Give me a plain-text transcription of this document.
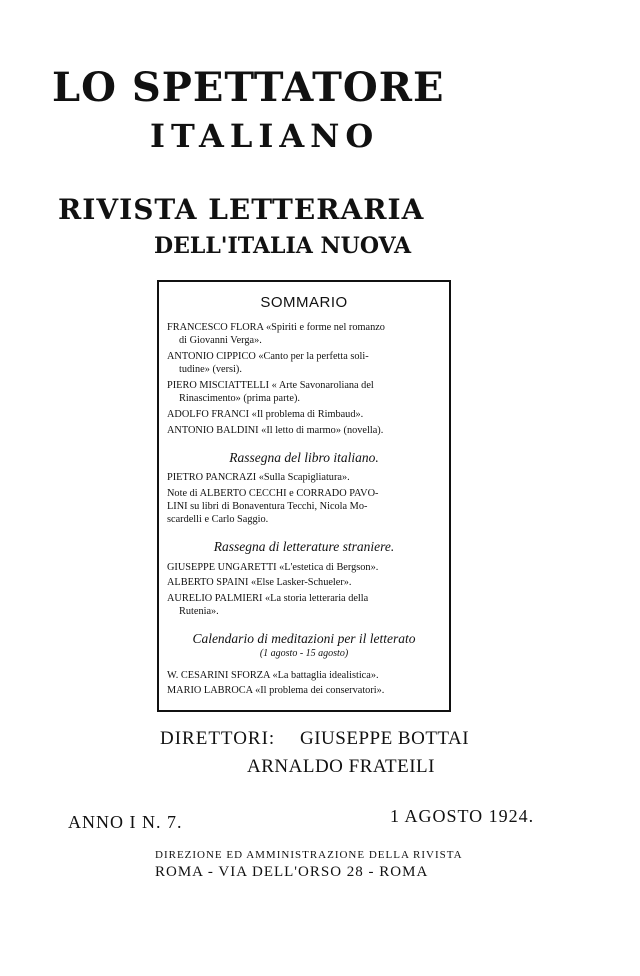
LO SPETTATORE
ITALIANO
RIVISTA LETTERARIA
DELL'ITALIA NUOVA
SOMMARIO
FRANCESCO FLORA «Spiriti e forme nel romanzo
di Giovanni Verga».
ANTONIO CIPPICO «Canto per la perfetta soli-
tudine» (versi).
PIERO MISCIATTELLI « Arte Savonaroliana del
Rinascimento» (prima parte).
ADOLFO FRANCI «Il problema di Rimbaud».
ANTONIO BALDINI «Il letto di marmo» (novella).
Rassegna del libro italiano.
PIETRO PANCRAZI «Sulla Scapigliatura».
Note di ALBERTO CECCHI e CORRADO PAVO-
LINI su libri di Bonaventura Tecchi, Nicola Mo-
scardelli e Carlo Saggio.
Rassegna di letterature straniere.
GIUSEPPE UNGARETTI «L'estetica di Bergson».
ALBERTO SPAINI «Else Lasker-Schueler».
AURELIO PALMIERI «La storia letteraria della
Rutenia».
Calendario di meditazioni per il letterato
(1 agosto - 15 agosto)
W. CESARINI SFORZA «La battaglia idealistica».
MARIO LABROCA «Il problema dei conservatori».
DIRETTORI: GIUSEPPE BOTTAI
ARNALDO FRATEILI
ANNO I N. 7.	1 AGOSTO 1924.
DIREZIONE ED AMMINISTRAZIONE DELLA RIVISTA
ROMA - VIA DELL'ORSO 28 - ROMA
